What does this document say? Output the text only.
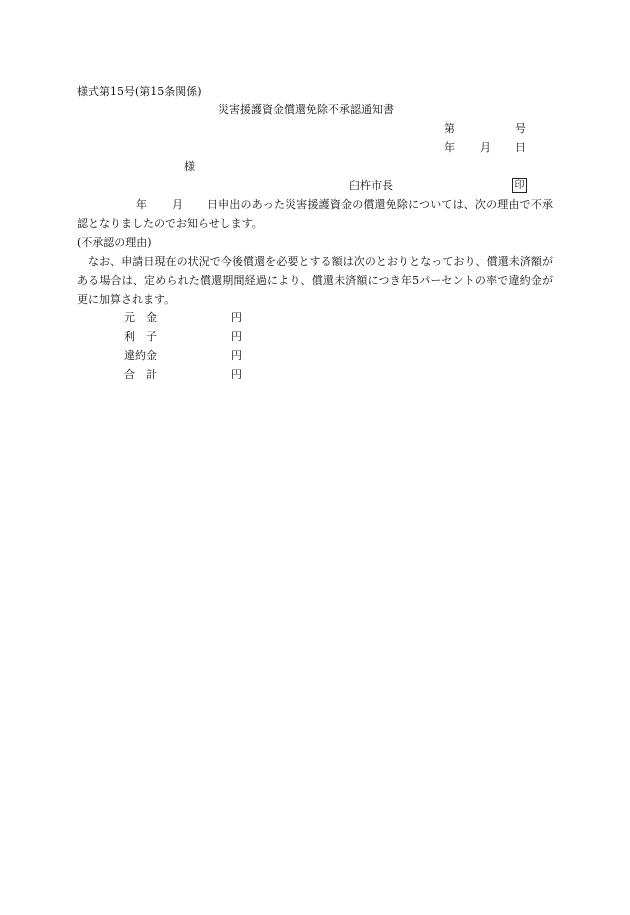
様式第15号(第15条関係)
災害援護資金償還免除不承認通知書
第	号
年 月 日
様
臼杵市長	印
年 月	日申出のあった災害援護資金の償還免除については、次の理由で不承認となりましたのでお知らせします。
(不承認の理由)
なお、申請日現在の状況で今後償還を必要とする額は次のとおりとなっており、償還未済額がある場合は、定められた償還期間経過により、償還未済額につき年5パーセントの率で違約金が更に加算されます。
元　金	円
利　子	円
違約金	円
合　計	円
